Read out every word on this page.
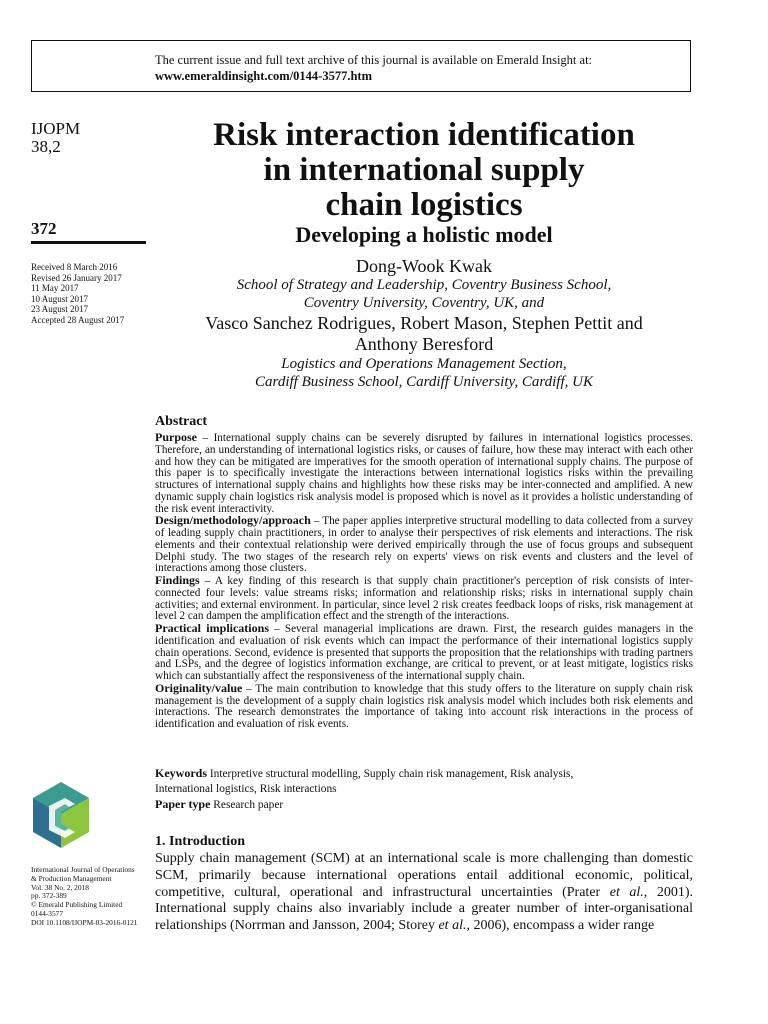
The current issue and full text archive of this journal is available on Emerald Insight at:
www.emeraldinsight.com/0144-3577.htm
IJOPM
38,2
372
Received 8 March 2016
Revised 26 January 2017
11 May 2017
10 August 2017
23 August 2017
Accepted 28 August 2017
International Journal of Operations
& Production Management
Vol. 38 No. 2, 2018
pp. 372-389
© Emerald Publishing Limited
0144-3577
DOI 10.1108/IJOPM-03-2016-0121
Risk interaction identification
in international supply
chain logistics
Developing a holistic model
Dong-Wook Kwak
School of Strategy and Leadership, Coventry Business School,
Coventry University, Coventry, UK, and
Vasco Sanchez Rodrigues, Robert Mason, Stephen Pettit and
Anthony Beresford
Logistics and Operations Management Section,
Cardiff Business School, Cardiff University, Cardiff, UK
Abstract

Purpose – International supply chains can be severely disrupted by failures in international logistics processes. Therefore, an understanding of international logistics risks, or causes of failure, how these may interact with each other and how they can be mitigated are imperatives for the smooth operation of international supply chains. The purpose of this paper is to specifically investigate the interactions between international logistics risks within the prevailing structures of international supply chains and highlights how these risks may be inter-connected and amplified. A new dynamic supply chain logistics risk analysis model is proposed which is novel as it provides a holistic understanding of the risk event interactivity.

Design/methodology/approach – The paper applies interpretive structural modelling to data collected from a survey of leading supply chain practitioners, in order to analyse their perspectives of risk elements and interactions. The risk elements and their contextual relationship were derived empirically through the use of focus groups and subsequent Delphi study. The two stages of the research rely on experts' views on risk events and clusters and the level of interactions among those clusters.

Findings – A key finding of this research is that supply chain practitioner's perception of risk consists of inter-connected four levels: value streams risks; information and relationship risks; risks in international supply chain activities; and external environment. In particular, since level 2 risk creates feedback loops of risks, risk management at level 2 can dampen the amplification effect and the strength of the interactions.

Practical implications – Several managerial implications are drawn. First, the research guides managers in the identification and evaluation of risk events which can impact the performance of their international logistics supply chain operations. Second, evidence is presented that supports the proposition that the relationships with trading partners and LSPs, and the degree of logistics information exchange, are critical to prevent, or at least mitigate, logistics risks which can substantially affect the responsiveness of the international supply chain.

Originality/value – The main contribution to knowledge that this study offers to the literature on supply chain risk management is the development of a supply chain logistics risk analysis model which includes both risk elements and interactions. The research demonstrates the importance of taking into account risk interactions in the process of identification and evaluation of risk events.

Keywords Interpretive structural modelling, Supply chain risk management, Risk analysis,
International logistics, Risk interactions
Paper type Research paper
1. Introduction
Supply chain management (SCM) at an international scale is more challenging than domestic SCM, primarily because international operations entail additional economic, political, competitive, cultural, operational and infrastructural uncertainties (Prater et al., 2001). International supply chains also invariably include a greater number of inter-organisational relationships (Norrman and Jansson, 2004; Storey et al., 2006), encompass a wider range
